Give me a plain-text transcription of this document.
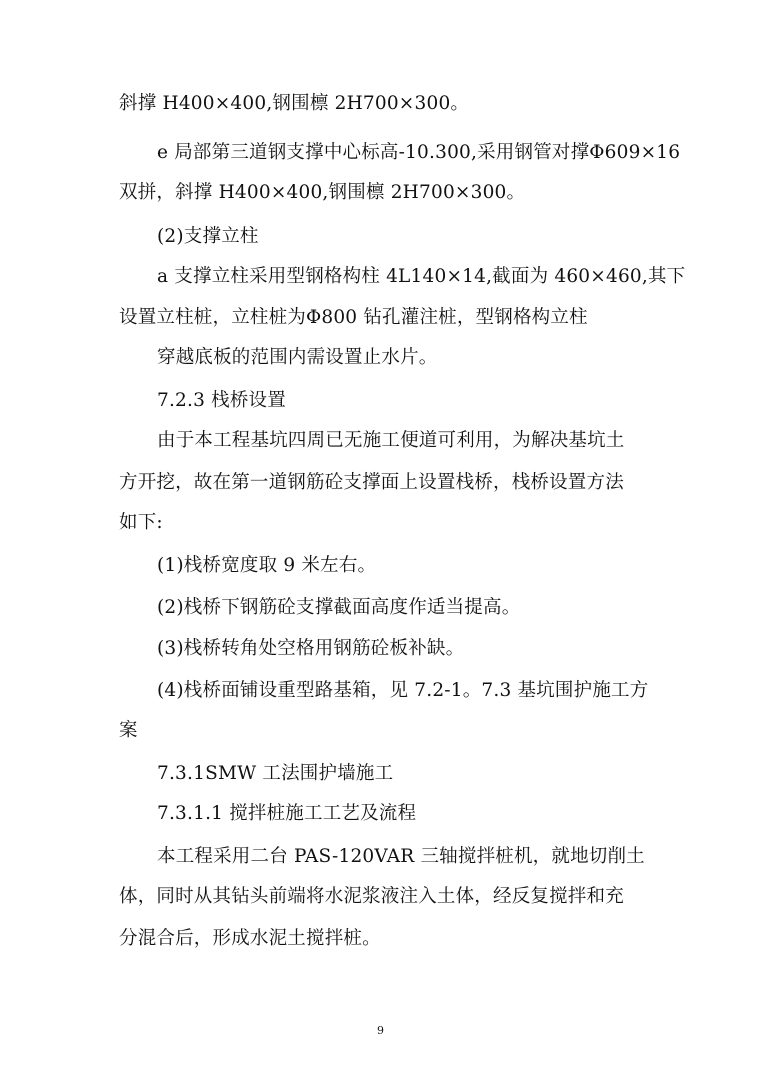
斜撑 H400×400,钢围檩 2H700×300。
e 局部第三道钢支撑中心标高-10.300,采用钢管对撑Φ609×16
双拼，斜撑 H400×400,钢围檩 2H700×300。
(2)支撑立柱
a 支撑立柱采用型钢格构柱 4L140×14,截面为 460×460,其下
设置立柱桩，立柱桩为Φ800 钻孔灌注桩，型钢格构立柱
穿越底板的范围内需设置止水片。
7.2.3 栈桥设置
由于本工程基坑四周已无施工便道可利用，为解决基坑土
方开挖，故在第一道钢筋砼支撑面上设置栈桥，栈桥设置方法
如下:
(1)栈桥宽度取 9 米左右。
(2)栈桥下钢筋砼支撑截面高度作适当提高。
(3)栈桥转角处空格用钢筋砼板补缺。
(4)栈桥面铺设重型路基箱，见 7.2-1。7.3 基坑围护施工方
案
7.3.1SMW 工法围护墙施工
7.3.1.1 搅拌桩施工工艺及流程
本工程采用二台 PAS-120VAR 三轴搅拌桩机，就地切削土
体，同时从其钻头前端将水泥浆液注入土体，经反复搅拌和充
分混合后，形成水泥土搅拌桩。
9
